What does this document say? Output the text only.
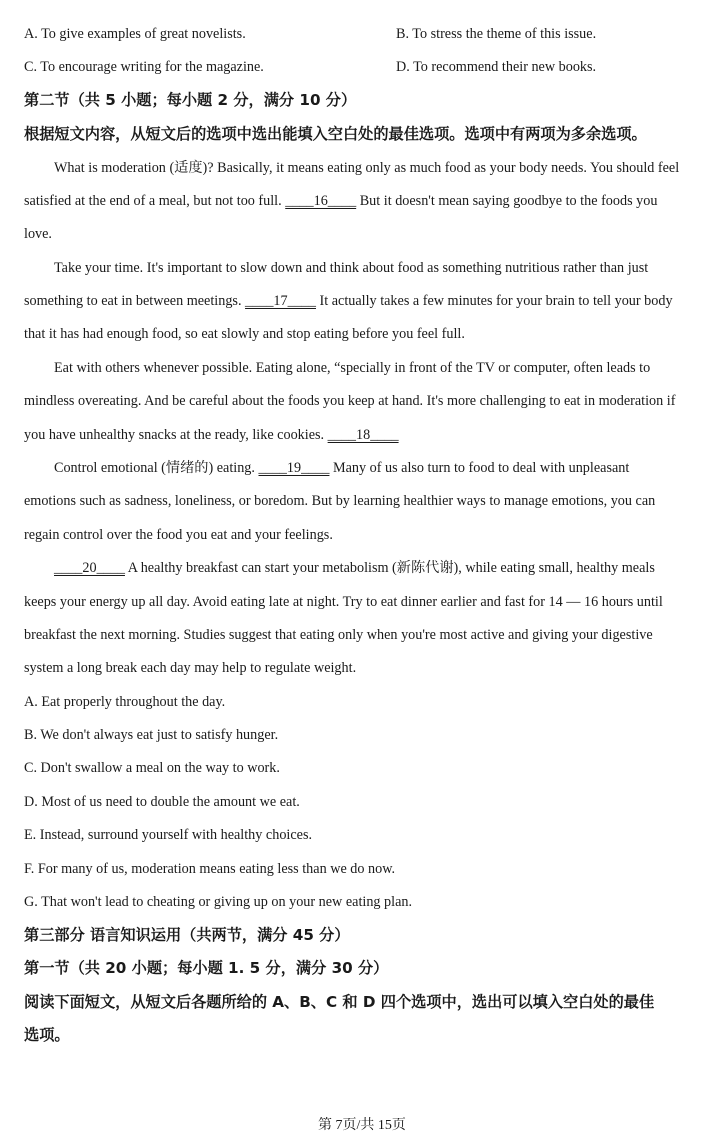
A. To give examples of great novelists.	B. To stress the theme of this issue.
C. To encourage writing for the magazine.	D. To recommend their new books.
第二节（共 5 小题；每小题 2 分，满分 10 分）
根据短文内容，从短文后的选项中选出能填入空白处的最佳选项。选项中有两项为多余选项。
What is moderation (适度)? Basically, it means eating only as much food as your body needs. You should feel
satisfied at the end of a meal, but not too full. ____16____ But it doesn't mean saying goodbye to the foods you
love.
Take your time. It's important to slow down and think about food as something nutritious rather than just
something to eat in between meetings. ____17____ It actually takes a few minutes for your brain to tell your body
that it has had enough food, so eat slowly and stop eating before you feel full.
Eat with others whenever possible. Eating alone, “specially in front of the TV or computer, often leads to
mindless overeating. And be careful about the foods you keep at hand. It's more challenging to eat in moderation if
you have unhealthy snacks at the ready, like cookies. ____18____
Control emotional (情绪的) eating. ____19____ Many of us also turn to food to deal with unpleasant
emotions such as sadness, loneliness, or boredom. But by learning healthier ways to manage emotions, you can
regain control over the food you eat and your feelings.
____20____ A healthy breakfast can start your metabolism (新陈代谢), while eating small, healthy meals
keeps your energy up all day. Avoid eating late at night. Try to eat dinner earlier and fast for 14 — 16 hours until
breakfast the next morning. Studies suggest that eating only when you're most active and giving your digestive
system a long break each day may help to regulate weight.
A. Eat properly throughout the day.
B. We don't always eat just to satisfy hunger.
C. Don't swallow a meal on the way to work.
D. Most of us need to double the amount we eat.
E. Instead, surround yourself with healthy choices.
F. For many of us, moderation means eating less than we do now.
G. That won't lead to cheating or giving up on your new eating plan.
第三部分 语言知识运用（共两节，满分 45 分）
第一节（共 20 小题；每小题 1. 5 分，满分 30 分）
阅读下面短文，从短文后各题所给的 A、B、C 和 D 四个选项中，选出可以填入空白处的最佳
选项。
第 7页/共 15页
